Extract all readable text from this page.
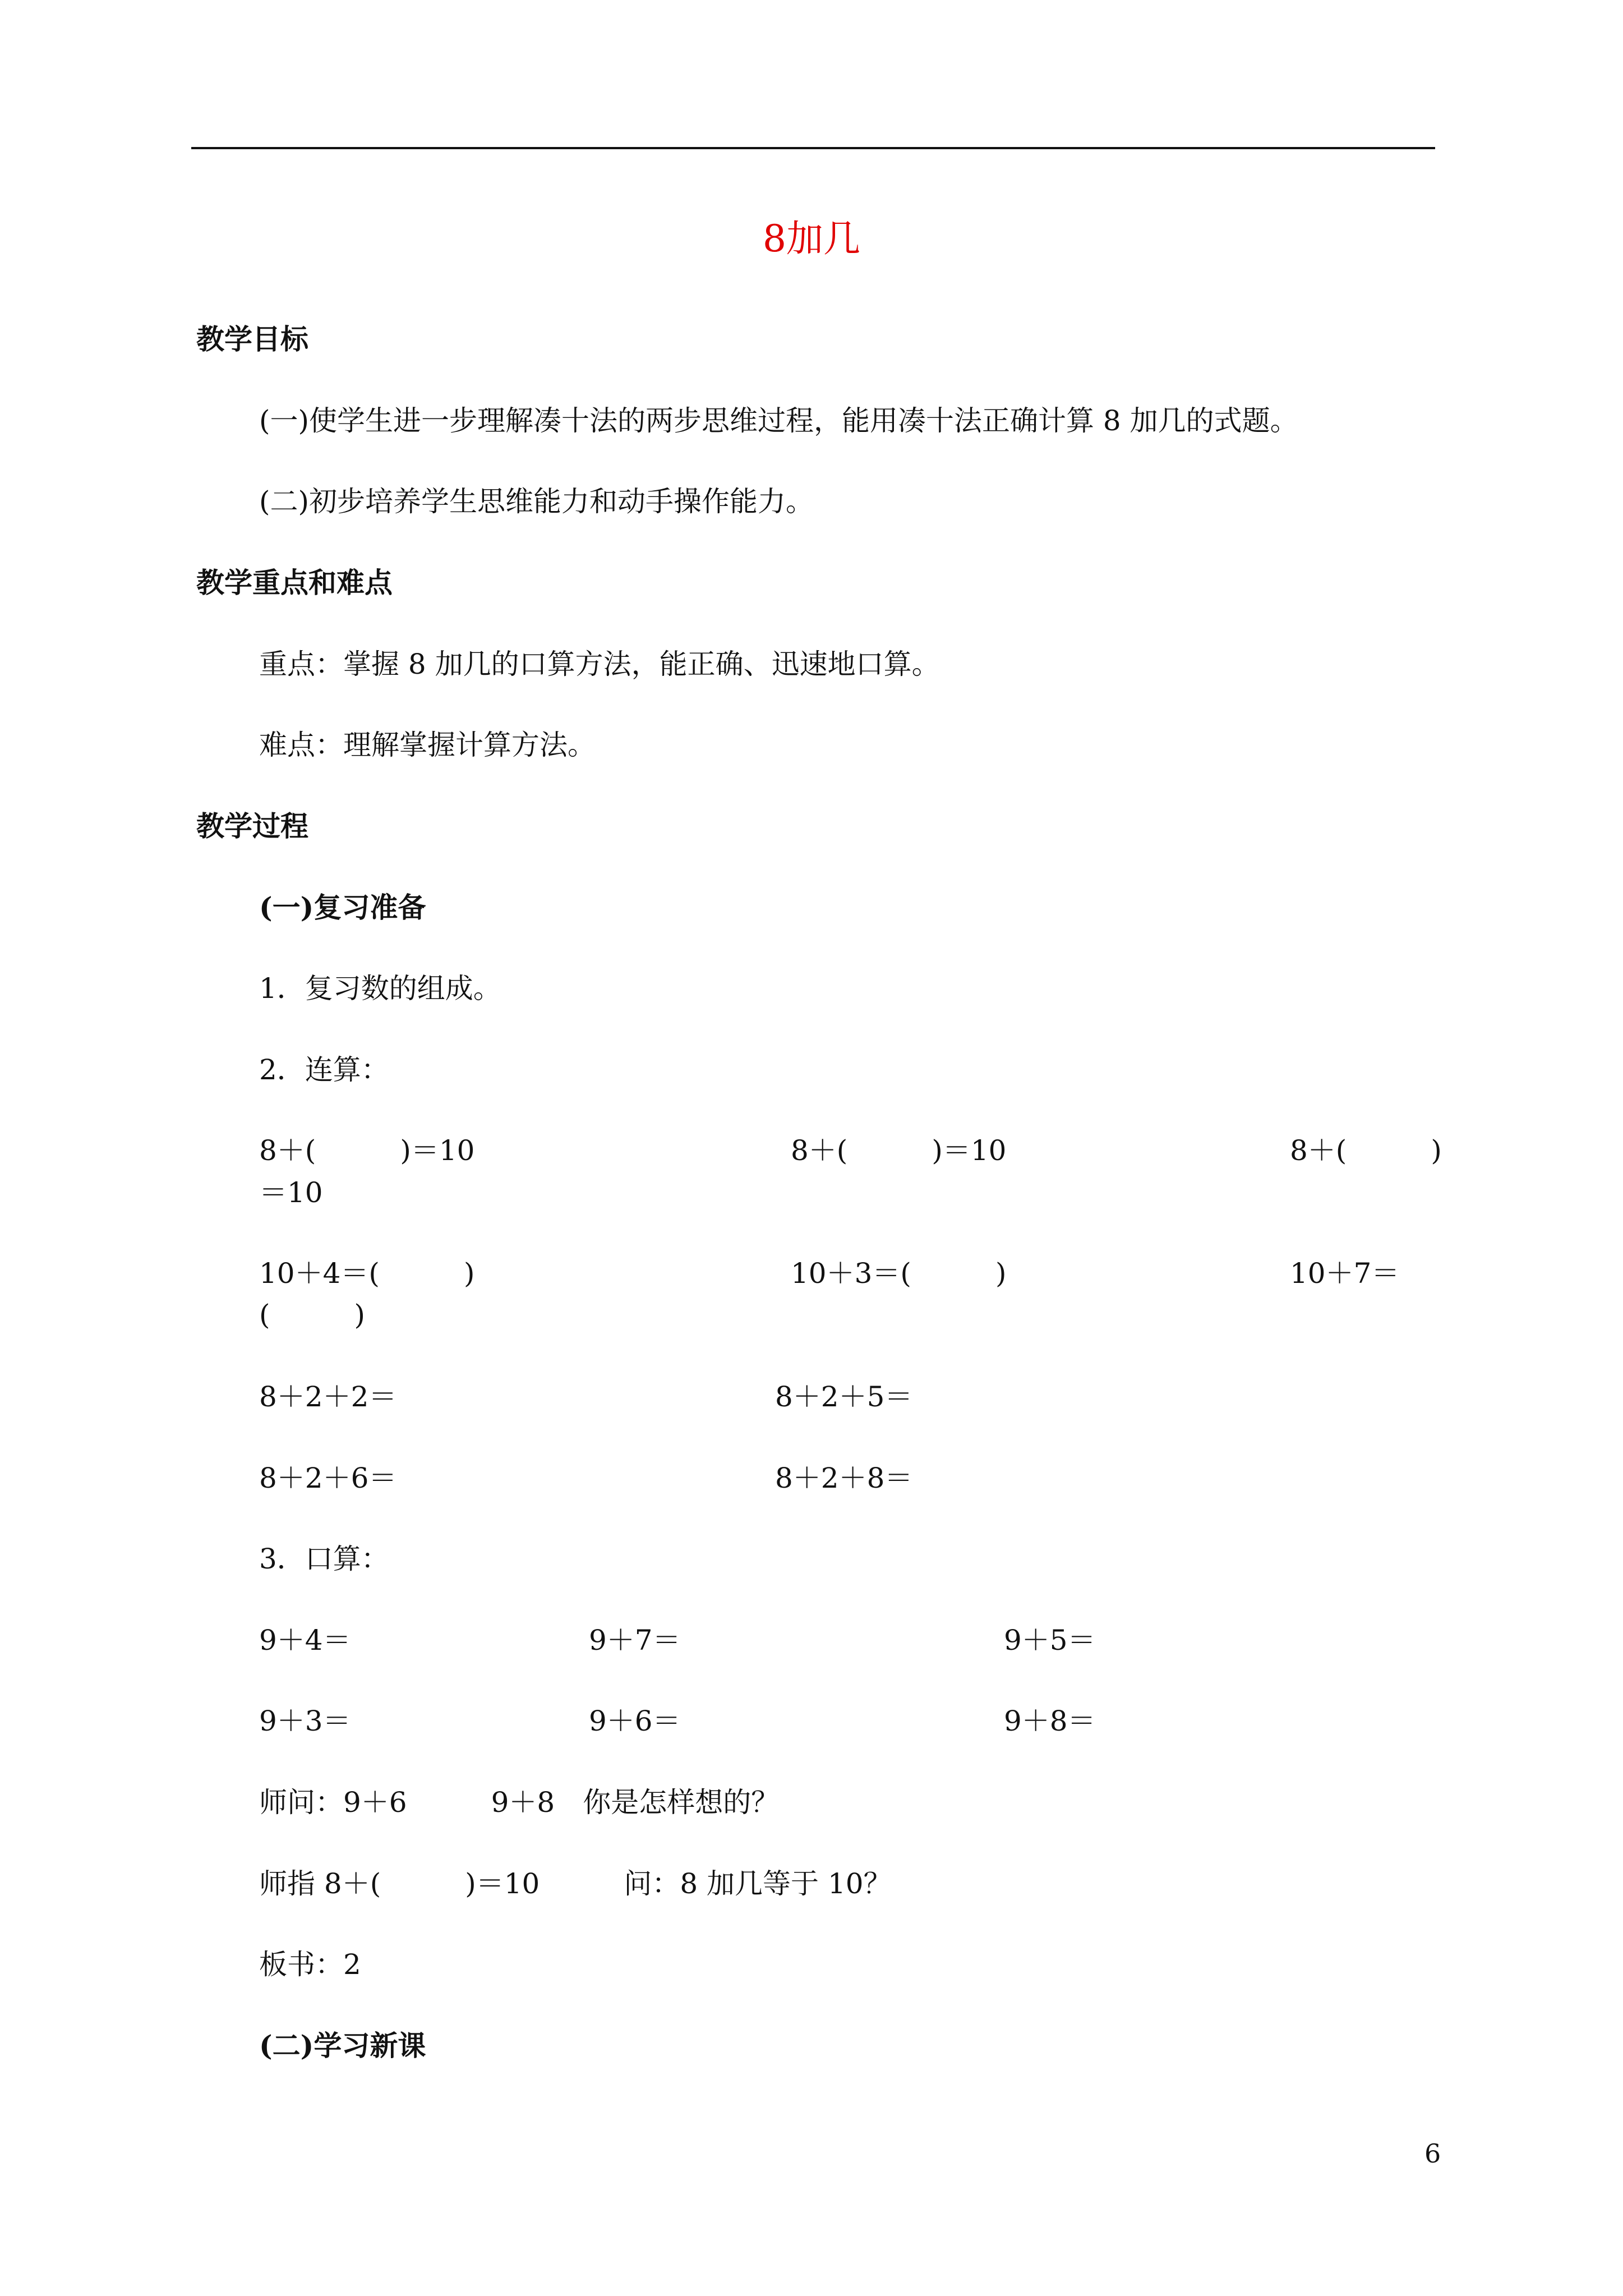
8加几
教学目标
(一)使学生进一步理解凑十法的两步思维过程，能用凑十法正确计算 8 加几的式题。
(二)初步培养学生思维能力和动手操作能力。
教学重点和难点
重点：掌握 8 加几的口算方法，能正确、迅速地口算。
难点：理解掌握计算方法。
教学过程
(一)复习准备
1．复习数的组成。
2．连算：
8＋(　　　)＝10	8＋(　　　)＝10	8＋(　　　)
＝10
10＋4＝(　　　)	10＋3＝(　　　)	10＋7＝
(　　　)
8＋2＋2＝	8＋2＋5＝
8＋2＋6＝	8＋2＋8＝
3．口算：
9＋4＝	9＋7＝	9＋5＝
9＋3＝	9＋6＝	9＋8＝
师问：9＋6　　　9＋8　你是怎样想的？
师指 8＋(　　　)＝10　　　问：8 加几等于 10？
板书：2
(二)学习新课
6
